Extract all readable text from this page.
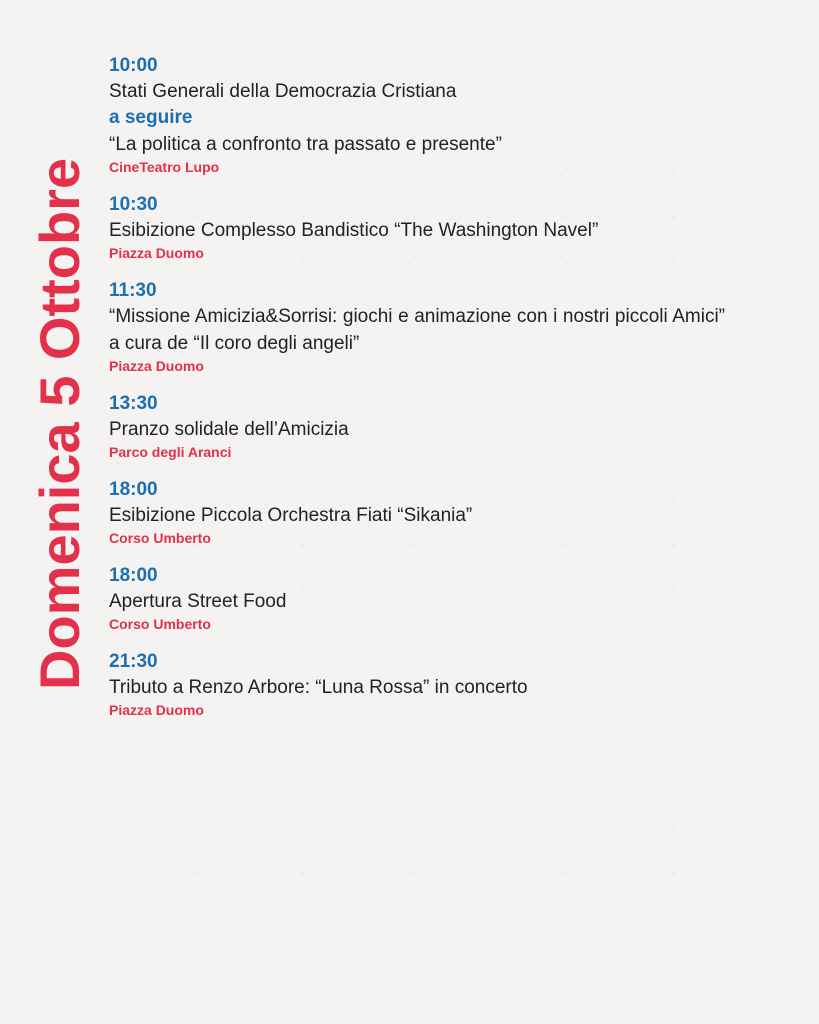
Domenica 5 Ottobre
10:00
Stati Generali della Democrazia Cristiana
a seguire
“La politica a confronto tra passato e presente”
CineTeatro Lupo
10:30
Esibizione Complesso Bandistico “The Washington Navel”
Piazza Duomo
11:30
“Missione Amicizia&Sorrisi: giochi e animazione con i nostri piccoli Amici” a cura de “Il coro degli angeli”
Piazza Duomo
13:30
Pranzo solidale dell’Amicizia
Parco degli Aranci
18:00
Esibizione Piccola Orchestra Fiati “Sikania”
Corso Umberto
18:00
Apertura Street Food
Corso Umberto
21:30
Tributo a Renzo Arbore: “Luna Rossa” in concerto
Piazza Duomo
